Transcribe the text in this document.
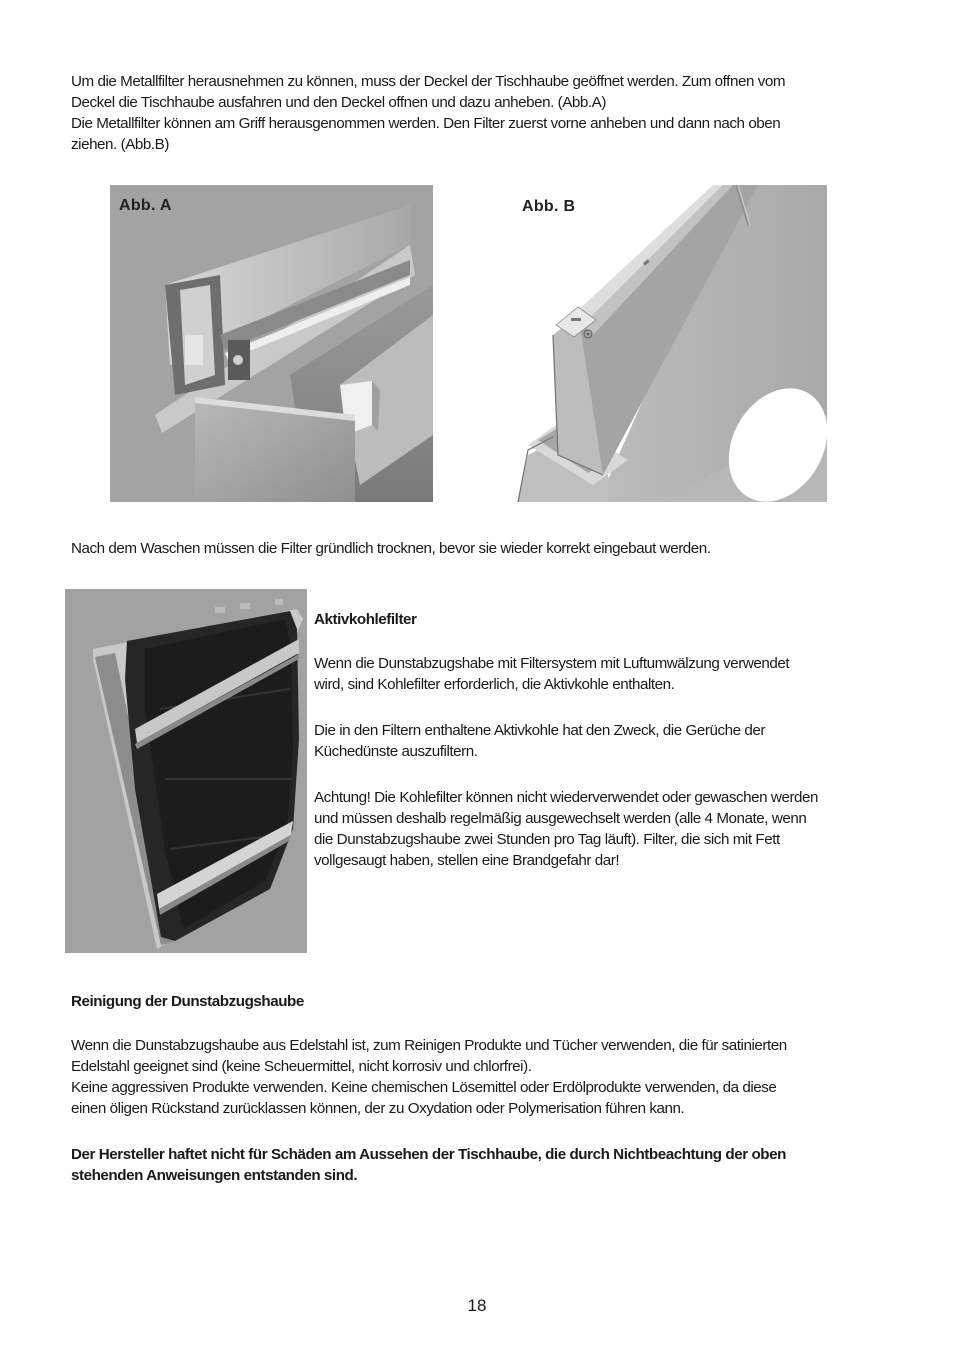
Um die Metallfilter herausnehmen zu können, muss der Deckel der Tischhaube geöffnet werden. Zum offnen vom

Deckel die Tischhaube ausfahren und den Deckel offnen und dazu anheben. (Abb.A)

Die Metallfilter können am Griff herausgenommen werden. Den Filter zuerst vorne anheben und dann nach oben

ziehen. (Abb.B)

Abb. A	Abb. B
Nach dem Waschen müssen die Filter gründlich trocknen, bevor sie wieder korrekt eingebaut werden.

Aktivkohlefilter

Wenn die Dunstabzugshabe mit Filtersystem mit Luftumwälzung verwendet

wird, sind Kohlefilter erforderlich, die Aktivkohle enthalten.

Die in den Filtern enthaltene Aktivkohle hat den Zweck, die Gerüche der

Küchedünste auszufiltern.

Achtung! Die Kohlefilter können nicht wiederverwendet oder gewaschen werden

und müssen deshalb regelmäßig ausgewechselt werden (alle 4 Monate, wenn

die Dunstabzugshaube zwei Stunden pro Tag läuft). Filter, die sich mit Fett

vollgesaugt haben, stellen eine Brandgefahr dar!

Reinigung der Dunstabzugshaube

Wenn die Dunstabzugshaube aus Edelstahl ist, zum Reinigen Produkte und Tücher verwenden, die für satinierten

Edelstahl geeignet sind (keine Scheuermittel, nicht korrosiv und chlorfrei).

Keine aggressiven Produkte verwenden. Keine chemischen Lösemittel oder Erdölprodukte verwenden, da diese

einen öligen Rückstand zurücklassen können, der zu Oxydation oder Polymerisation führen kann.

Der Hersteller haftet nicht für Schäden am Aussehen der Tischhaube, die durch Nichtbeachtung der oben

stehenden Anweisungen entstanden sind.

18
